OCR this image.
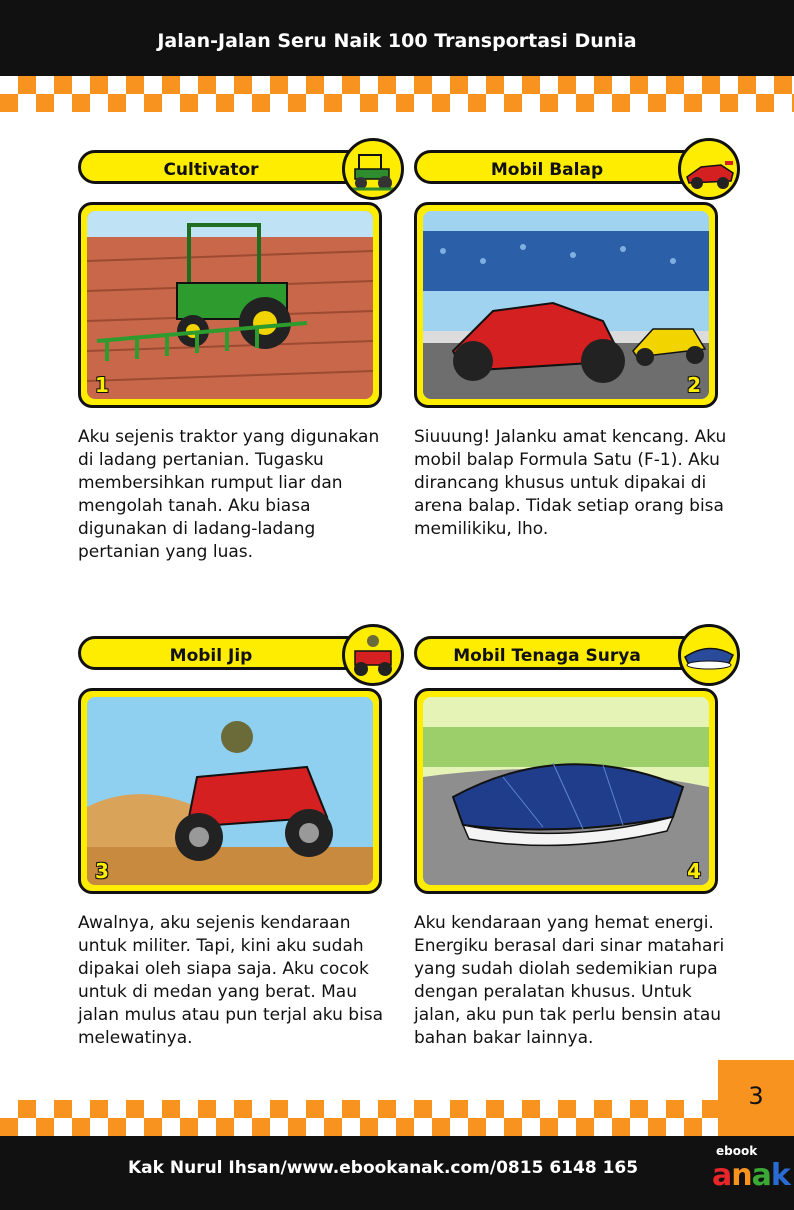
Jalan-Jalan Seru Naik 100 Transportasi Dunia
Cultivator
1
Aku sejenis traktor yang digunakan di ladang pertanian. Tugasku membersihkan rumput liar dan mengolah tanah. Aku biasa digunakan di ladang-ladang pertanian yang luas.
Mobil Balap
2
Siuuung! Jalanku amat kencang. Aku mobil balap Formula Satu (F-1). Aku dirancang khusus untuk dipakai di arena balap. Tidak setiap orang bisa memilikiku, lho.
Mobil Jip
3
Awalnya, aku sejenis kendaraan untuk militer. Tapi, kini aku sudah dipakai oleh siapa saja. Aku cocok untuk di medan yang berat. Mau jalan mulus atau pun terjal aku bisa melewatinya.
Mobil Tenaga Surya
4
Aku kendaraan yang hemat energi. Energiku berasal dari sinar matahari yang sudah diolah sedemikian rupa dengan peralatan khusus. Untuk jalan, aku pun tak perlu bensin atau bahan bakar lainnya.
3
Kak Nurul Ihsan/www.ebookanak.com/0815 6148 165
ebook
anak
